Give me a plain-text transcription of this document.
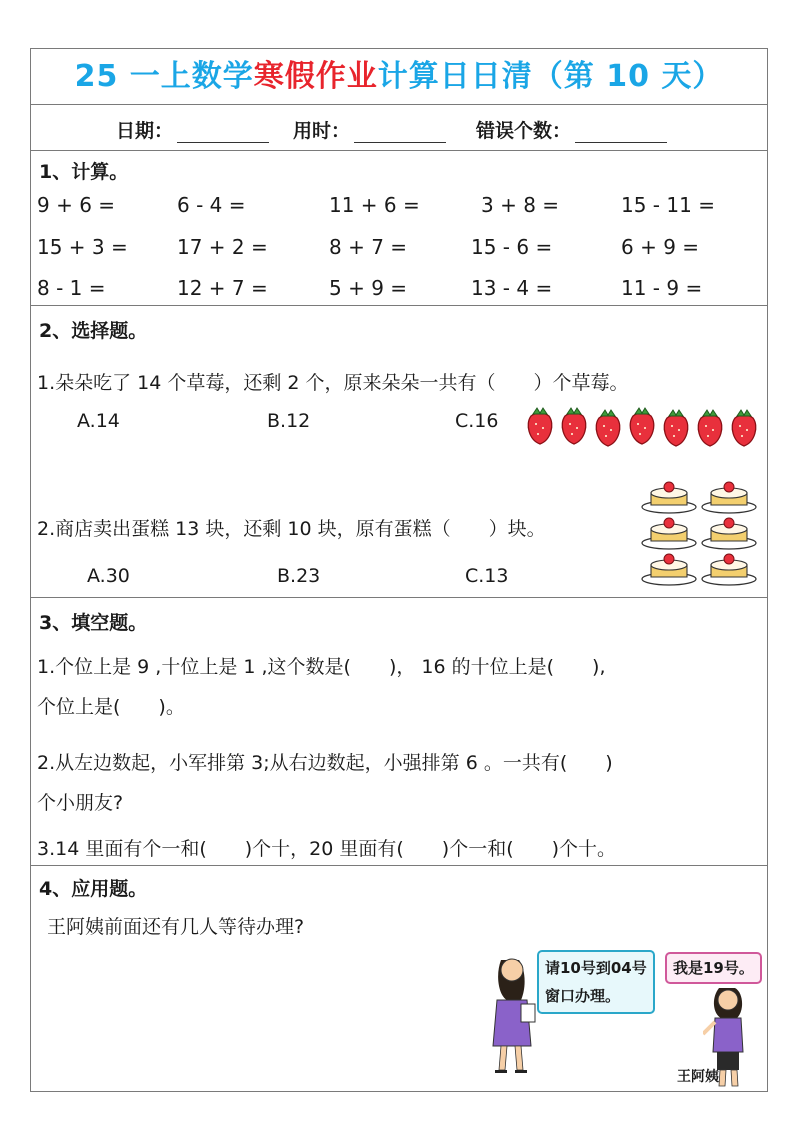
25 一上数学寒假作业计算日日清（第 10 天）
日期：	用时：	错误个数：
1、计算。
9 + 6 =	6 - 4 =	11 + 6 =	3 + 8 =	15 - 11 =
15 + 3 = 17 + 2 =	8 + 7 =	15 - 6 =	6 + 9 =
8 - 1 =	12 + 7 =	5 + 9 =	13 - 4 =	11 - 9 =
2、选择题。
1.朵朵吃了 14 个草莓，还剩 2 个，原来朵朵一共有（　　）个草莓。
A.14	B.12	C.16
2.商店卖出蛋糕 13 块，还剩 10 块，原有蛋糕（　　）块。
A.30	B.23	C.13
3、填空题。
1.个位上是 9 ,十位上是 1 ,这个数是(　　)， 16 的十位上是(　　),
个位上是(　　)。
2.从左边数起，小军排第 3;从右边数起，小强排第 6 。一共有(　　)
个小朋友?
3.14 里面有个一和(　　)个十，20 里面有(　　)个一和(　　)个十。
4、应用题。
王阿姨前面还有几人等待办理?
请10号到04号
窗口办理。
我是19号。
王阿姨
